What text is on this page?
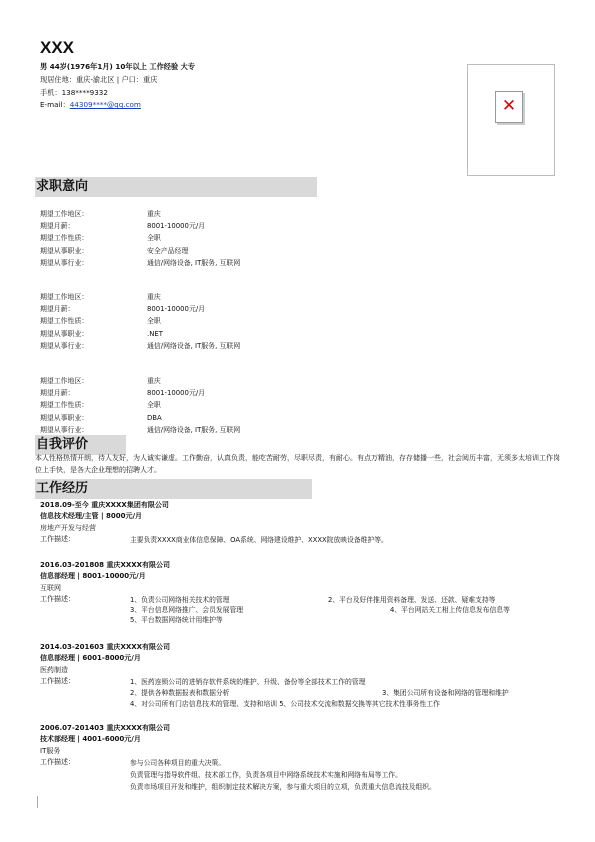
XXX
男 44岁(1976年1月) 10年以上 工作经验 大专
现居住地：重庆-渝北区 | 户口：重庆
手机：138****9332
E-mail：44309****@qq.com	✕
求职意向
期望工作地区：	重庆
期望月薪：	8001-10000元/月
期望工作性质：	全职
期望从事职业：	安全产品经理
期望从事行业：	通信/网络设备, IT服务, 互联网
期望工作地区：	重庆
期望月薪：	8001-10000元/月
期望工作性质：	全职
期望从事职业：	.NET
期望从事行业：	通信/网络设备, IT服务, 互联网
期望工作地区：	重庆
期望月薪：	8001-10000元/月
期望工作性质：	全职
期望从事职业：	DBA
期望从事行业：	通信/网络设备, IT服务, 互联网
自我评价
本人性格热情开朗，待人友好，为人诚实谦虚。工作勤奋，认真负责，能吃苦耐劳，尽职尽责，有耐心。有点万精油，存存储播一些，社会阅历丰富，无须多太培训工作岗位上手快，是各大企业理想的招聘人才。
工作经历
2018.09-至今 重庆XXXX集团有限公司
信息技术经理/主管 | 8000元/月
房地产开发与经营
工作描述：	主要负责XXXX商业体信息保障、OA系统、网络建设维护、XXXX院放映设备维护等。
2016.03-201808 重庆XXXX有限公司
信息部经理 | 8001-10000元/月
互联网
工作描述：	1、负责公司网络相关技术的管理	2、平台及好伴推用资料备理、发送、还款、疑难支持等
3、平台信息网络推广、会员发展管理	4、平台网站关工相上传信息发布信息等
5、平台数据网络统计用维护等
2014.03-201603 重庆XXXX有限公司
信息部经理 | 6001-8000元/月
医药制造
工作描述：	1、医药连锁公司的进销存软件系统的维护、升级、备份等全部技术工作的管理
2、提供各种数据报表和数据分析	3、集团公司所有设备和网络的管理和维护
4、对公司所有门店信息技术的管理、支持和培训 5、公司技术交流和数据交换等其它技术性事务性工作
2006.07-201403 重庆XXXX有限公司
技术部经理 | 4001-6000元/月
IT服务
工作描述：	参与公司各种项目的重大决策。
负责管理与指导软件组、技术部工作，负责各项目中网络系统技术实施和网络布局等工作。
负责市场项目开发和维护，组织制定技术解决方案，参与重大项目的立项，负责重大信息流技及组织。
